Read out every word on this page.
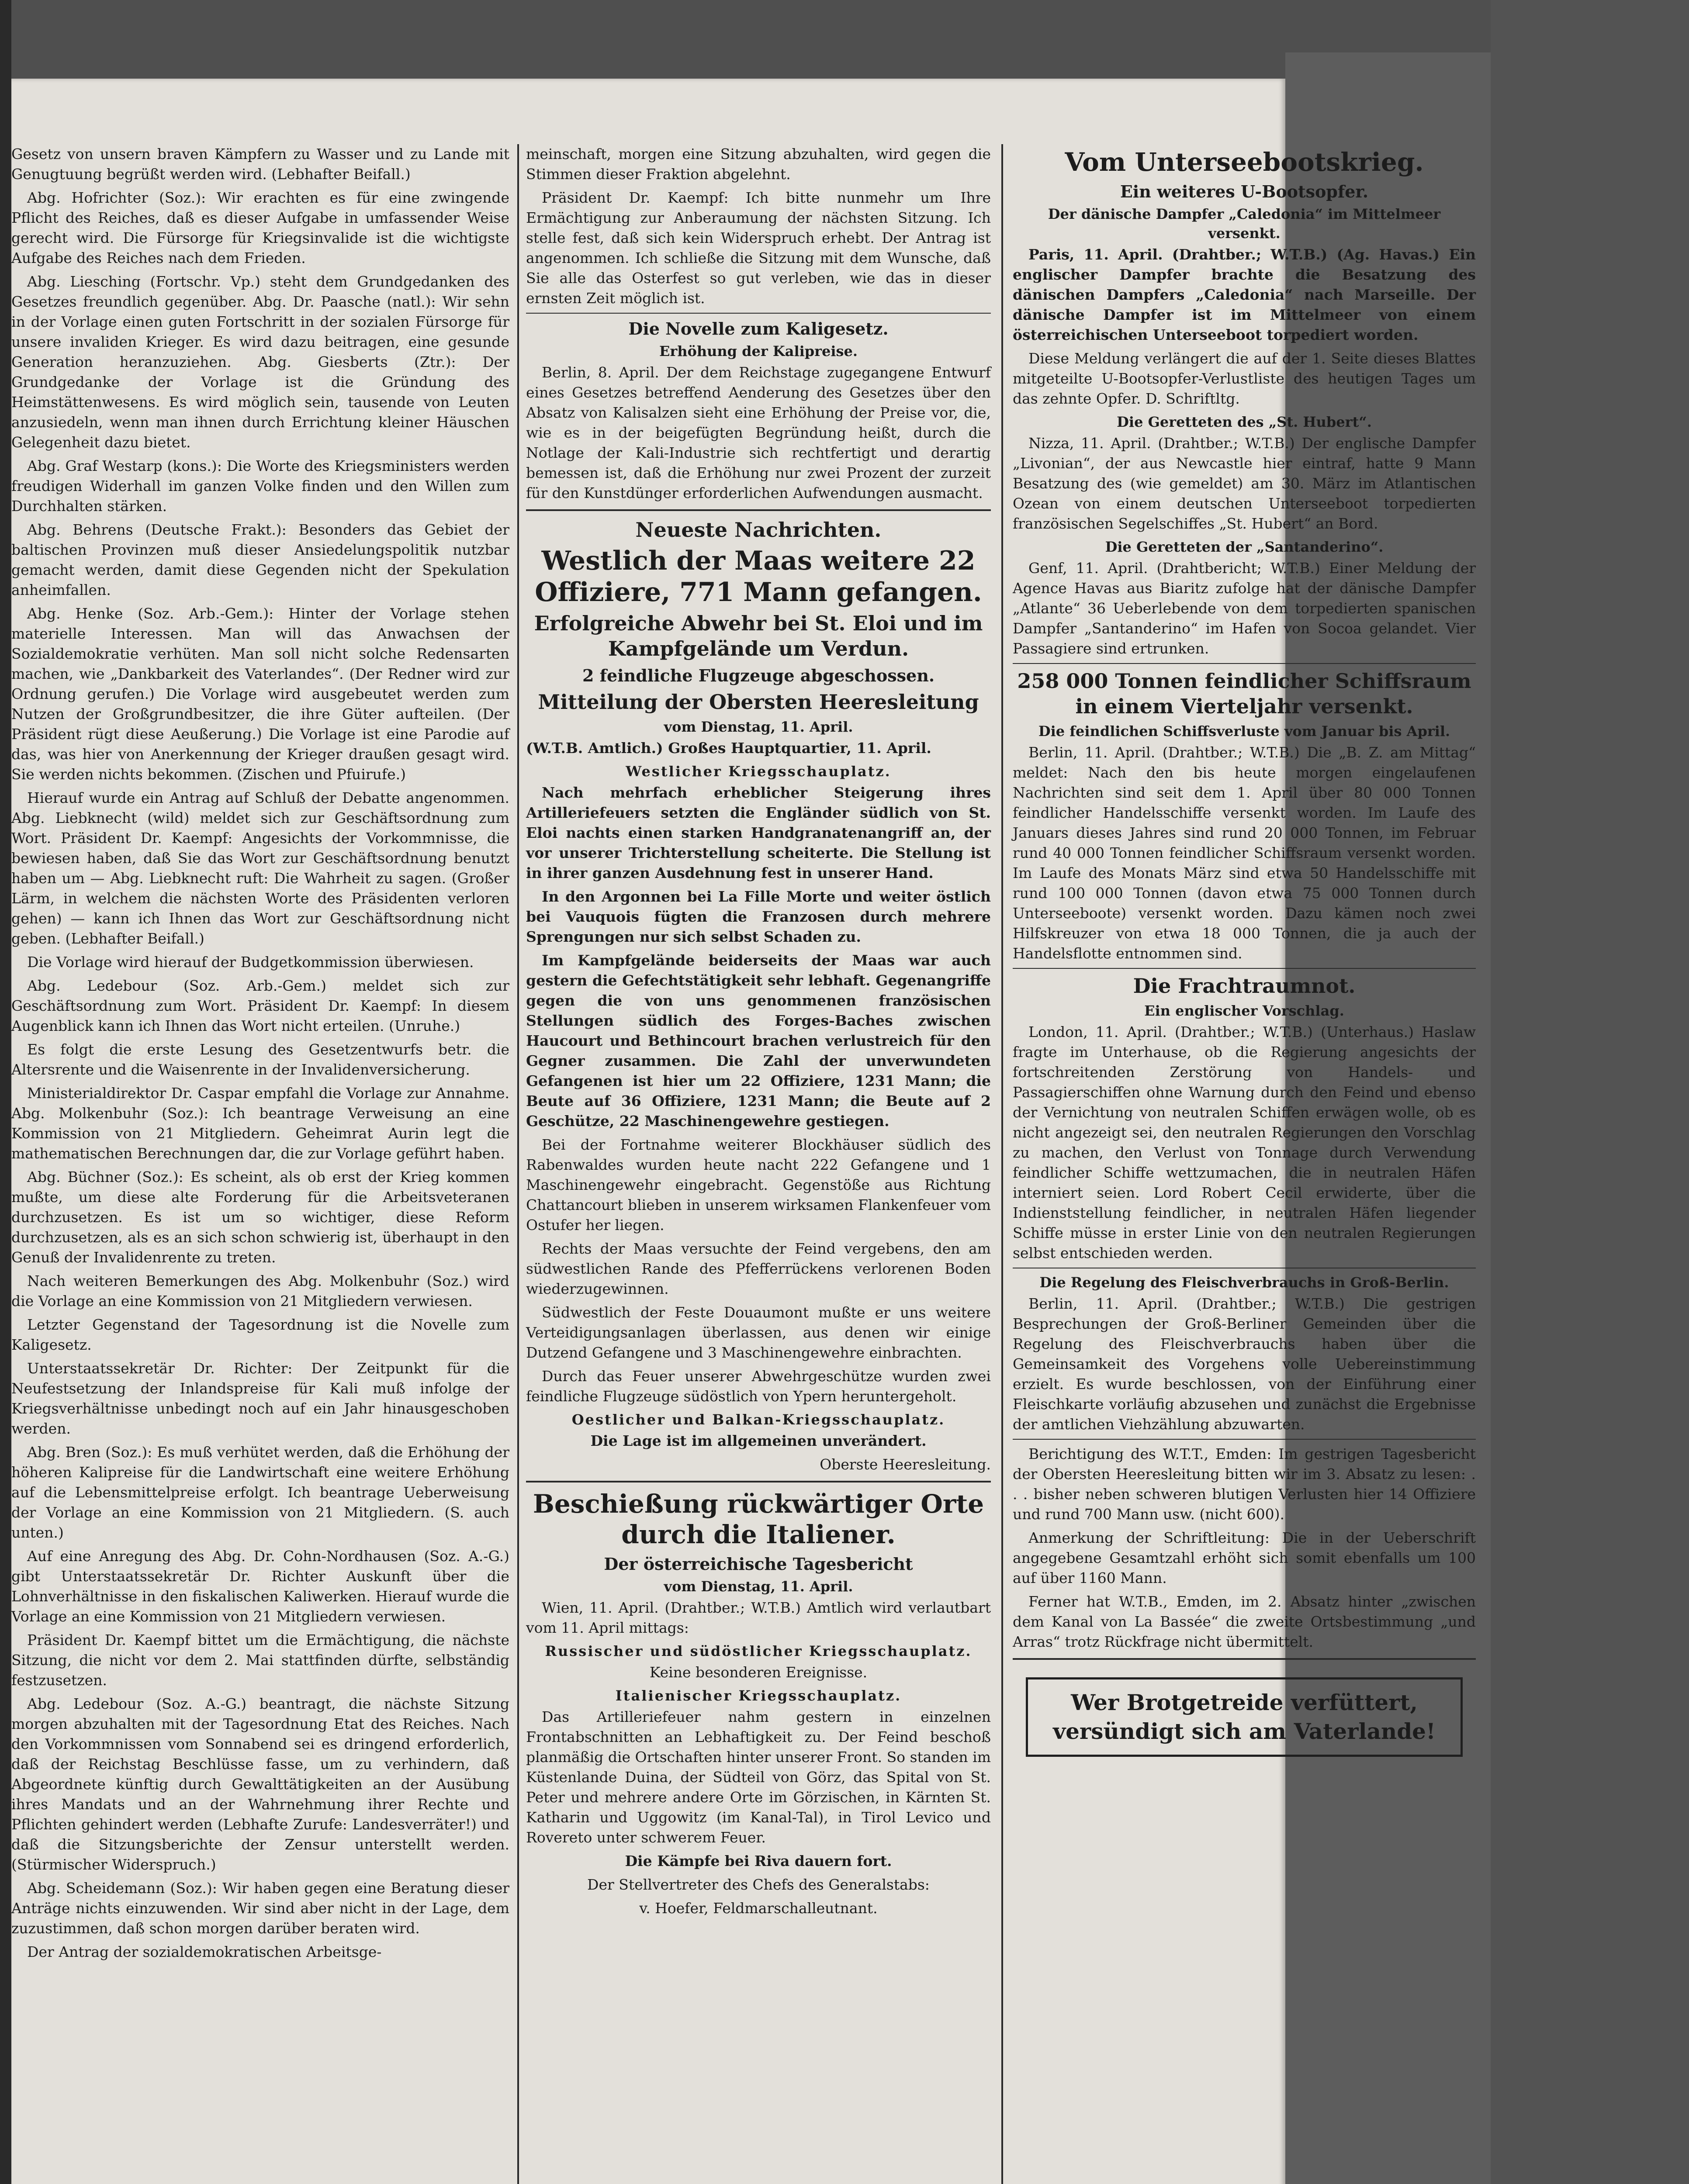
Gesetz von unsern braven Kämpfern zu Wasser und zu Lande mit Genugtuung begrüßt werden wird. (Lebhafter Beifall.)

Abg. Hofrichter (Soz.): Wir erachten es für eine zwingende Pflicht des Reiches, daß es dieser Aufgabe in umfassender Weise gerecht wird. Die Fürsorge für Kriegsinvalide ist die wichtigste Aufgabe des Reiches nach dem Frieden.

Abg. Liesching (Fortschr. Vp.) steht dem Grundgedanken des Gesetzes freundlich gegenüber. Abg. Dr. Paasche (natl.): Wir sehn in der Vorlage einen guten Fortschritt in der sozialen Fürsorge für unsere invaliden Krieger. Es wird dazu beitragen, eine gesunde Generation heranzuziehen. Abg. Giesberts (Ztr.): Der Grundgedanke der Vorlage ist die Gründung des Heimstättenwesens. Es wird möglich sein, tausende von Leuten anzusiedeln, wenn man ihnen durch Errichtung kleiner Häuschen Gelegenheit dazu bietet.

Abg. Graf Westarp (kons.): Die Worte des Kriegsministers werden freudigen Widerhall im ganzen Volke finden und den Willen zum Durchhalten stärken.

Abg. Behrens (Deutsche Frakt.): Besonders das Gebiet der baltischen Provinzen muß dieser Ansiedelungspolitik nutzbar gemacht werden, damit diese Gegenden nicht der Spekulation anheimfallen.

Abg. Henke (Soz. Arb.-Gem.): Hinter der Vorlage stehen materielle Interessen. Man will das Anwachsen der Sozialdemokratie verhüten. Man soll nicht solche Redensarten machen, wie „Dankbarkeit des Vaterlandes“. (Der Redner wird zur Ordnung gerufen.) Die Vorlage wird ausgebeutet werden zum Nutzen der Großgrundbesitzer, die ihre Güter aufteilen. (Der Präsident rügt diese Aeußerung.) Die Vorlage ist eine Parodie auf das, was hier von Anerkennung der Krieger draußen gesagt wird. Sie werden nichts bekommen. (Zischen und Pfuirufe.)

Hierauf wurde ein Antrag auf Schluß der Debatte angenommen. Abg. Liebknecht (wild) meldet sich zur Geschäftsordnung zum Wort. Präsident Dr. Kaempf: Angesichts der Vorkommnisse, die bewiesen haben, daß Sie das Wort zur Geschäftsordnung benutzt haben um — Abg. Liebknecht ruft: Die Wahrheit zu sagen. (Großer Lärm, in welchem die nächsten Worte des Präsidenten verloren gehen) — kann ich Ihnen das Wort zur Geschäftsordnung nicht geben. (Lebhafter Beifall.)

Die Vorlage wird hierauf der Budgetkommission überwiesen.

Abg. Ledebour (Soz. Arb.-Gem.) meldet sich zur Geschäftsordnung zum Wort. Präsident Dr. Kaempf: In diesem Augenblick kann ich Ihnen das Wort nicht erteilen. (Unruhe.)

Es folgt die erste Lesung des Gesetzentwurfs betr. die Altersrente und die Waisenrente in der Invalidenversicherung.

Ministerialdirektor Dr. Caspar empfahl die Vorlage zur Annahme. Abg. Molkenbuhr (Soz.): Ich beantrage Verweisung an eine Kommission von 21 Mitgliedern. Geheimrat Aurin legt die mathematischen Berechnungen dar, die zur Vorlage geführt haben.

Abg. Büchner (Soz.): Es scheint, als ob erst der Krieg kommen mußte, um diese alte Forderung für die Arbeitsveteranen durchzusetzen. Es ist um so wichtiger, diese Reform durchzusetzen, als es an sich schon schwierig ist, überhaupt in den Genuß der Invalidenrente zu treten.

Nach weiteren Bemerkungen des Abg. Molkenbuhr (Soz.) wird die Vorlage an eine Kommission von 21 Mitgliedern verwiesen.

Letzter Gegenstand der Tagesordnung ist die Novelle zum Kaligesetz.

Unterstaatssekretär Dr. Richter: Der Zeitpunkt für die Neufestsetzung der Inlandspreise für Kali muß infolge der Kriegsverhältnisse unbedingt noch auf ein Jahr hinausgeschoben werden.

Abg. Bren (Soz.): Es muß verhütet werden, daß die Erhöhung der höheren Kalipreise für die Landwirtschaft eine weitere Erhöhung auf die Lebensmittelpreise erfolgt. Ich beantrage Ueberweisung der Vorlage an eine Kommission von 21 Mitgliedern. (S. auch unten.)

Auf eine Anregung des Abg. Dr. Cohn-Nordhausen (Soz. A.-G.) gibt Unterstaatssekretär Dr. Richter Auskunft über die Lohnverhältnisse in den fiskalischen Kaliwerken. Hierauf wurde die Vorlage an eine Kommission von 21 Mitgliedern verwiesen.

Präsident Dr. Kaempf bittet um die Ermächtigung, die nächste Sitzung, die nicht vor dem 2. Mai stattfinden dürfte, selbständig festzusetzen.

Abg. Ledebour (Soz. A.-G.) beantragt, die nächste Sitzung morgen abzuhalten mit der Tagesordnung Etat des Reiches. Nach den Vorkommnissen vom Sonnabend sei es dringend erforderlich, daß der Reichstag Beschlüsse fasse, um zu verhindern, daß Abgeordnete künftig durch Gewalttätigkeiten an der Ausübung ihres Mandats und an der Wahrnehmung ihrer Rechte und Pflichten gehindert werden (Lebhafte Zurufe: Landesverräter!) und daß die Sitzungsberichte der Zensur unterstellt werden. (Stürmischer Widerspruch.)

Abg. Scheidemann (Soz.): Wir haben gegen eine Beratung dieser Anträge nichts einzuwenden. Wir sind aber nicht in der Lage, dem zuzustimmen, daß schon morgen darüber beraten wird.

Der Antrag der sozialdemokratischen Arbeitsge-

meinschaft, morgen eine Sitzung abzuhalten, wird gegen die Stimmen dieser Fraktion abgelehnt.

Präsident Dr. Kaempf: Ich bitte nunmehr um Ihre Ermächtigung zur Anberaumung der nächsten Sitzung. Ich stelle fest, daß sich kein Widerspruch erhebt. Der Antrag ist angenommen. Ich schließe die Sitzung mit dem Wunsche, daß Sie alle das Osterfest so gut verleben, wie das in dieser ernsten Zeit möglich ist.

Die Novelle zum Kaligesetz.
Erhöhung der Kalipreise.

Berlin, 8. April. Der dem Reichstage zugegangene Entwurf eines Gesetzes betreffend Aenderung des Gesetzes über den Absatz von Kalisalzen sieht eine Erhöhung der Preise vor, die, wie es in der beigefügten Begründung heißt, durch die Notlage der Kali-Industrie sich rechtfertigt und derartig bemessen ist, daß die Erhöhung nur zwei Prozent der zurzeit für den Kunstdünger erforderlichen Aufwendungen ausmacht.

Neueste Nachrichten.
Westlich der Maas weitere 22 Offiziere, 771 Mann gefangen.
Erfolgreiche Abwehr bei St. Eloi und im Kampfgelände um Verdun.
2 feindliche Flugzeuge abgeschossen.
Mitteilung der Obersten Heeresleitung
vom Dienstag, 11. April.

(W.T.B. Amtlich.) Großes Hauptquartier, 11. April.

Westlicher Kriegsschauplatz.

Nach mehrfach erheblicher Steigerung ihres Artilleriefeuers setzten die Engländer südlich von St. Eloi nachts einen starken Handgranatenangriff an, der vor unserer Trichterstellung scheiterte. Die Stellung ist in ihrer ganzen Ausdehnung fest in unserer Hand.

In den Argonnen bei La Fille Morte und weiter östlich bei Vauquois fügten die Franzosen durch mehrere Sprengungen nur sich selbst Schaden zu.

Im Kampfgelände beiderseits der Maas war auch gestern die Gefechtstätigkeit sehr lebhaft. Gegenangriffe gegen die von uns genommenen französischen Stellungen südlich des Forges-Baches zwischen Haucourt und Bethincourt brachen verlustreich für den Gegner zusammen. Die Zahl der unverwundeten Gefangenen ist hier um 22 Offiziere, 1231 Mann; die Beute auf 36 Offiziere, 1231 Mann; die Beute auf 2 Geschütze, 22 Maschinengewehre gestiegen.

Bei der Fortnahme weiterer Blockhäuser südlich des Rabenwaldes wurden heute nacht 222 Gefangene und 1 Maschinengewehr eingebracht. Gegenstöße aus Richtung Chattancourt blieben in unserem wirksamen Flankenfeuer vom Ostufer her liegen.

Rechts der Maas versuchte der Feind vergebens, den am südwestlichen Rande des Pfefferrückens verlorenen Boden wiederzugewinnen.

Südwestlich der Feste Douaumont mußte er uns weitere Verteidigungsanlagen überlassen, aus denen wir einige Dutzend Gefangene und 3 Maschinengewehre einbrachten.

Durch das Feuer unserer Abwehrgeschütze wurden zwei feindliche Flugzeuge südöstlich von Ypern heruntergeholt.

Oestlicher und Balkan-Kriegsschauplatz.

Die Lage ist im allgemeinen unverändert.

Oberste Heeresleitung.
Beschießung rückwärtiger Orte durch die Italiener.
Der österreichische Tagesbericht
vom Dienstag, 11. April.

Wien, 11. April. (Drahtber.; W.T.B.) Amtlich wird verlautbart vom 11. April mittags:

Russischer und südöstlicher Kriegsschauplatz.

Keine besonderen Ereignisse.

Italienischer Kriegsschauplatz.

Das Artilleriefeuer nahm gestern in einzelnen Frontabschnitten an Lebhaftigkeit zu. Der Feind beschoß planmäßig die Ortschaften hinter unserer Front. So standen im Küstenlande Duina, der Südteil von Görz, das Spital von St. Peter und mehrere andere Orte im Görzischen, in Kärnten St. Katharin und Uggowitz (im Kanal-Tal), in Tirol Levico und Rovereto unter schwerem Feuer.

Die Kämpfe bei Riva dauern fort.

Der Stellvertreter des Chefs des Generalstabs:

v. Hoefer, Feldmarschalleutnant.

Vom Unterseebootskrieg.
Ein weiteres U-Bootsopfer.
Der dänische Dampfer „Caledonia“ im Mittelmeer versenkt.

Paris, 11. April. (Drahtber.; W.T.B.) (Ag. Havas.) Ein englischer Dampfer brachte die Besatzung des dänischen Dampfers „Caledonia“ nach Marseille. Der dänische Dampfer ist im Mittelmeer von einem österreichischen Unterseeboot torpediert worden.

Diese Meldung verlängert die auf der 1. Seite dieses Blattes mitgeteilte U-Bootsopfer-Verlustliste des heutigen Tages um das zehnte Opfer. D. Schriftltg.

Die Geretteten des „St. Hubert“.

Nizza, 11. April. (Drahtber.; W.T.B.) Der englische Dampfer „Livonian“, der aus Newcastle hier eintraf, hatte 9 Mann Besatzung des (wie gemeldet) am 30. März im Atlantischen Ozean von einem deutschen Unterseeboot torpedierten französischen Segelschiffes „St. Hubert“ an Bord.

Die Geretteten der „Santanderino“.

Genf, 11. April. (Drahtbericht; W.T.B.) Einer Meldung der Agence Havas aus Biaritz zufolge hat der dänische Dampfer „Atlante“ 36 Ueberlebende von dem torpedierten spanischen Dampfer „Santanderino“ im Hafen von Socoa gelandet. Vier Passagiere sind ertrunken.

258 000 Tonnen feindlicher Schiffsraum in einem Vierteljahr versenkt.
Die feindlichen Schiffsverluste vom Januar bis April.

Berlin, 11. April. (Drahtber.; W.T.B.) Die „B. Z. am Mittag“ meldet: Nach den bis heute morgen eingelaufenen Nachrichten sind seit dem 1. April über 80 000 Tonnen feindlicher Handelsschiffe versenkt worden. Im Laufe des Januars dieses Jahres sind rund 20 000 Tonnen, im Februar rund 40 000 Tonnen feindlicher Schiffsraum versenkt worden. Im Laufe des Monats März sind etwa 50 Handelsschiffe mit rund 100 000 Tonnen (davon etwa 75 000 Tonnen durch Unterseeboote) versenkt worden. Dazu kämen noch zwei Hilfskreuzer von etwa 18 000 Tonnen, die ja auch der Handelsflotte entnommen sind.

Die Frachtraumnot.
Ein englischer Vorschlag.

London, 11. April. (Drahtber.; W.T.B.) (Unterhaus.) Haslaw fragte im Unterhause, ob die Regierung angesichts der fortschreitenden Zerstörung von Handels- und Passagierschiffen ohne Warnung durch den Feind und ebenso der Vernichtung von neutralen Schiffen erwägen wolle, ob es nicht angezeigt sei, den neutralen Regierungen den Vorschlag zu machen, den Verlust von Tonnage durch Verwendung feindlicher Schiffe wettzumachen, die in neutralen Häfen interniert seien. Lord Robert Cecil erwiderte, über die Indienststellung feindlicher, in neutralen Häfen liegender Schiffe müsse in erster Linie von den neutralen Regierungen selbst entschieden werden.

Die Regelung des Fleischverbrauchs in Groß-Berlin.

Berlin, 11. April. (Drahtber.; W.T.B.) Die gestrigen Besprechungen der Groß-Berliner Gemeinden über die Regelung des Fleischverbrauchs haben über die Gemeinsamkeit des Vorgehens volle Uebereinstimmung erzielt. Es wurde beschlossen, von der Einführung einer Fleischkarte vorläufig abzusehen und zunächst die Ergebnisse der amtlichen Viehzählung abzuwarten.

Berichtigung des W.T.T., Emden: Im gestrigen Tagesbericht der Obersten Heeresleitung bitten wir im 3. Absatz zu lesen: . . . bisher neben schweren blutigen Verlusten hier 14 Offiziere und rund 700 Mann usw. (nicht 600).

Anmerkung der Schriftleitung: Die in der Ueberschrift angegebene Gesamtzahl erhöht sich somit ebenfalls um 100 auf über 1160 Mann.

Ferner hat W.T.B., Emden, im 2. Absatz hinter „zwischen dem Kanal von La Bassée“ die zweite Ortsbestimmung „und Arras“ trotz Rückfrage nicht übermittelt.

Wer Brotgetreide verfüttert,
versündigt sich am Vaterlande!
